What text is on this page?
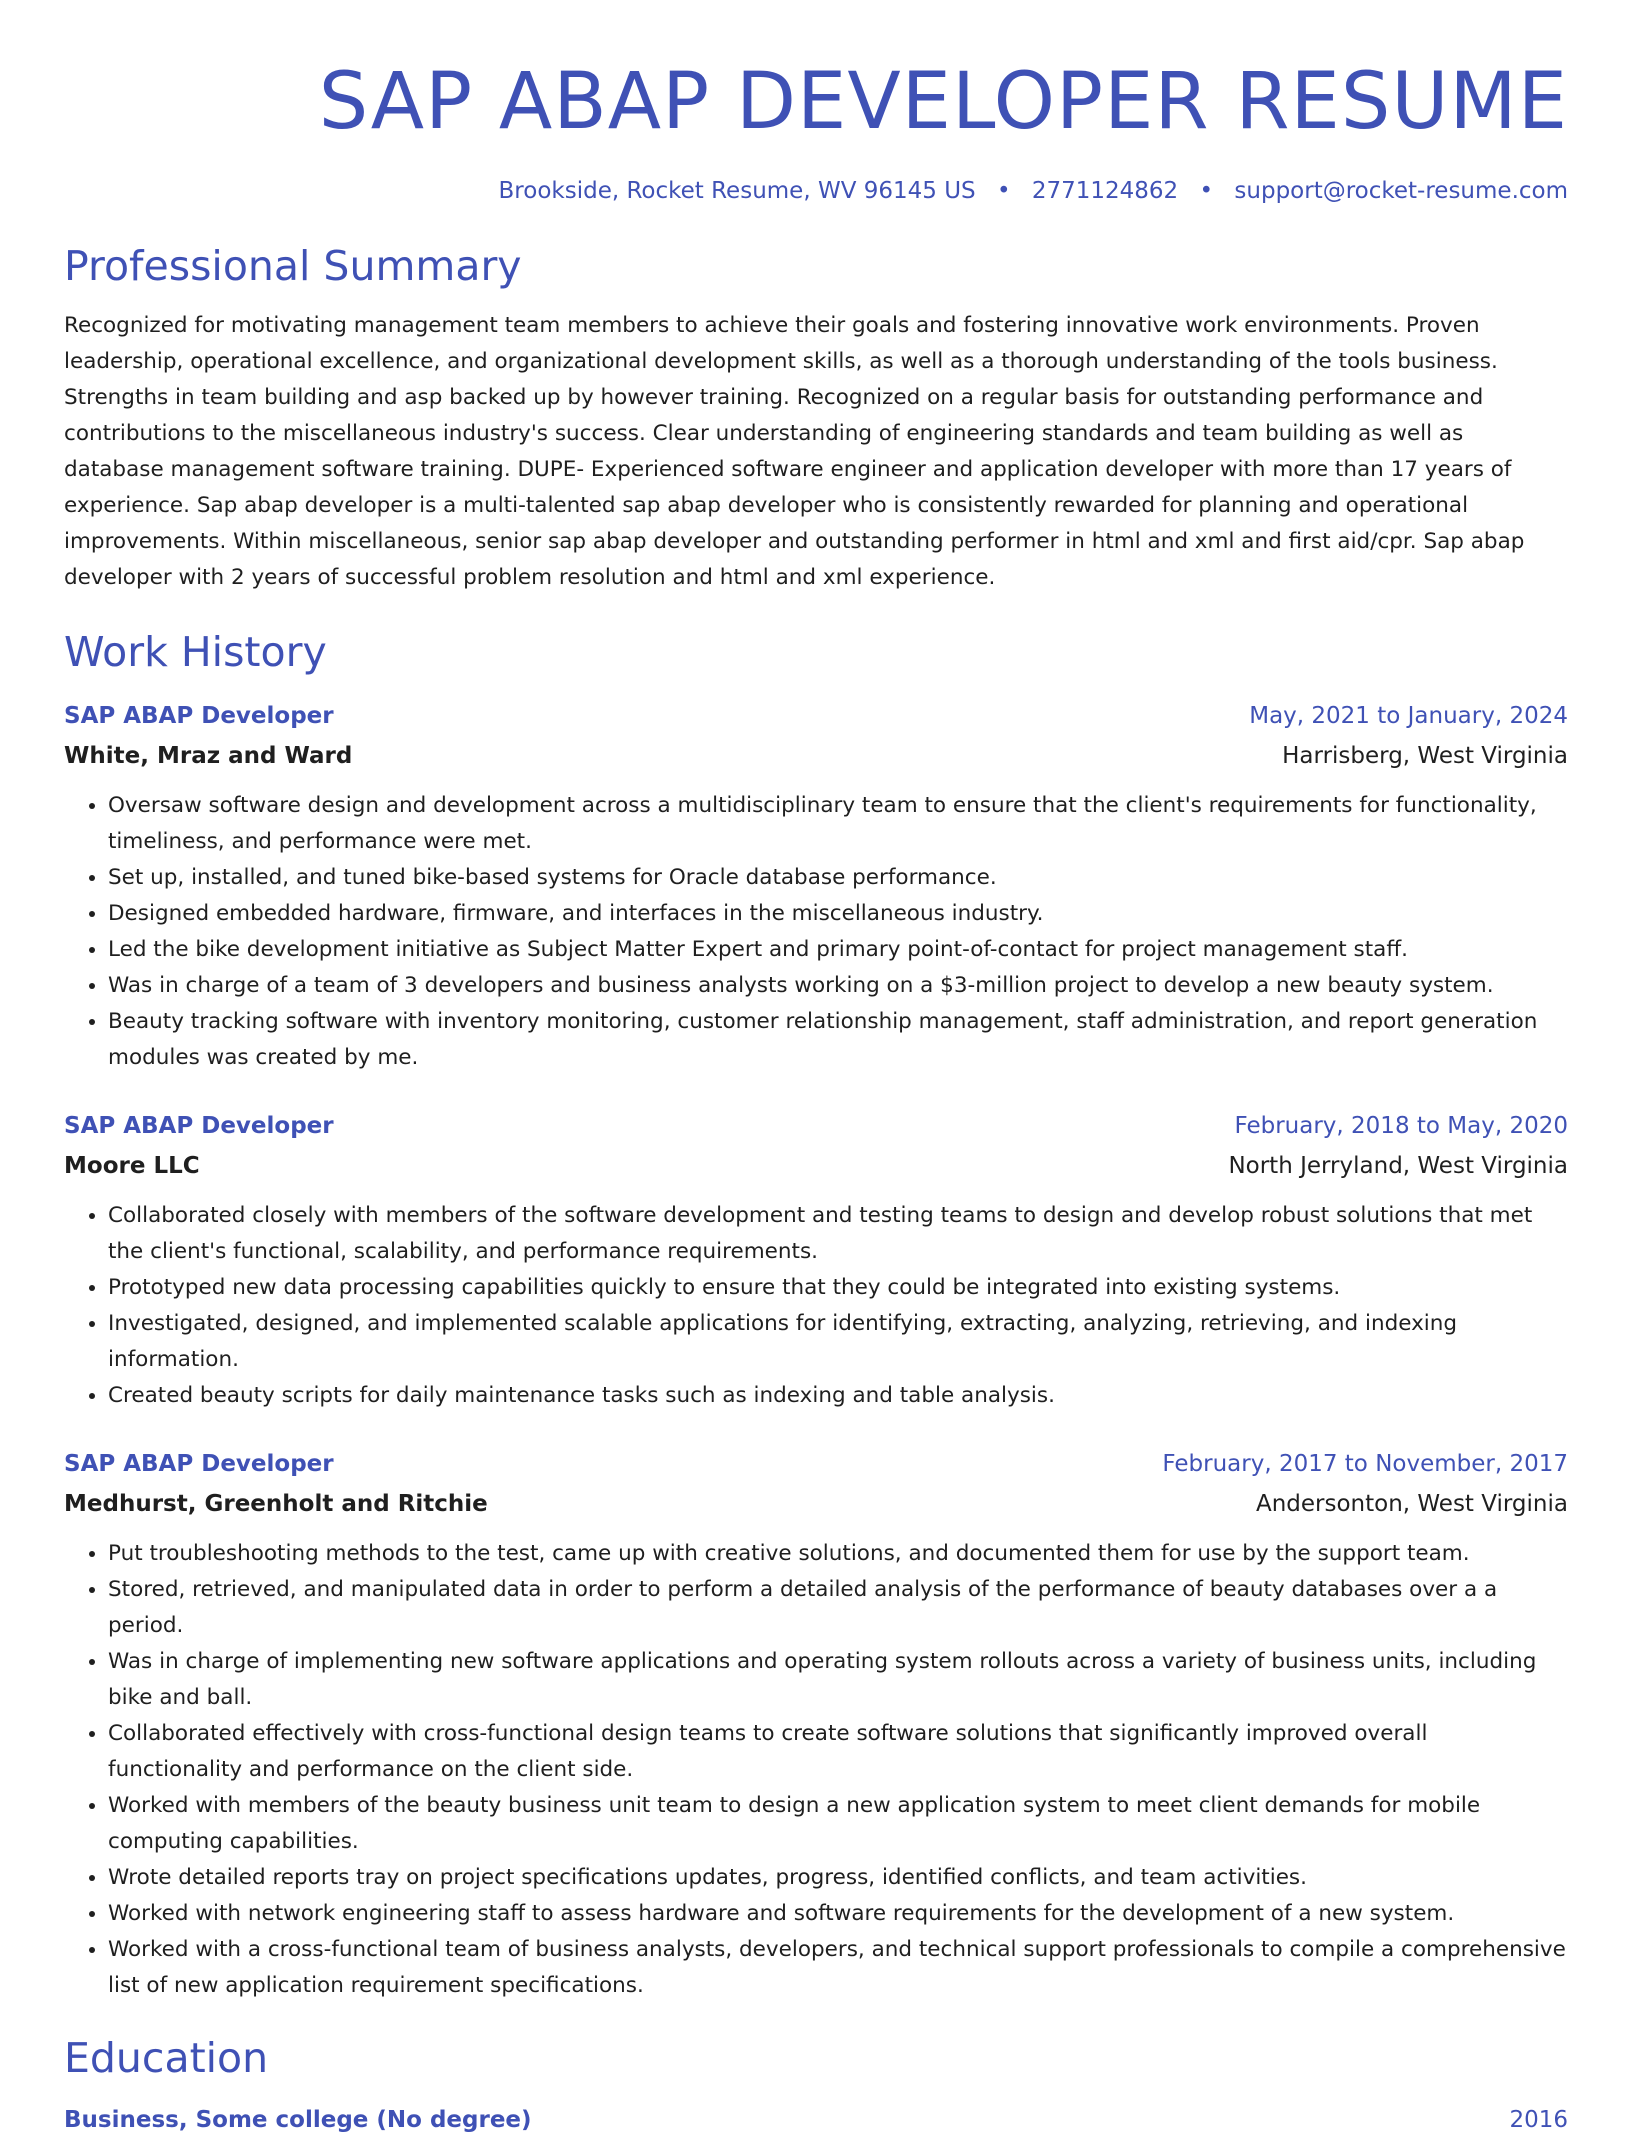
SAP ABAP DEVELOPER RESUME
Brookside, Rocket Resume, WV 96145 US • 2771124862 • support@rocket-resume.com
Professional Summary

Recognized for motivating management team members to achieve their goals and fostering innovative work environments. Proven leadership, operational excellence, and organizational development skills, as well as a thorough understanding of the tools business. Strengths in team building and asp backed up by however training. Recognized on a regular basis for outstanding performance and contributions to the miscellaneous industry's success. Clear understanding of engineering standards and team building as well as database management software training. DUPE- Experienced software engineer and application developer with more than 17 years of experience. Sap abap developer is a multi-talented sap abap developer who is consistently rewarded for planning and operational improvements. Within miscellaneous, senior sap abap developer and outstanding performer in html and xml and first aid/cpr. Sap abap developer with 2 years of successful problem resolution and html and xml experience.

Work History
SAP ABAP Developer	May, 2021 to January, 2024
White, Mraz and Ward	Harrisberg, West Virginia
• Oversaw software design and development across a multidisciplinary team to ensure that the client's requirements for functionality, timeliness, and performance were met.
• Set up, installed, and tuned bike-based systems for Oracle database performance.
• Designed embedded hardware, firmware, and interfaces in the miscellaneous industry.
• Led the bike development initiative as Subject Matter Expert and primary point-of-contact for project management staff.
• Was in charge of a team of 3 developers and business analysts working on a $3-million project to develop a new beauty system.
• Beauty tracking software with inventory monitoring, customer relationship management, staff administration, and report generation modules was created by me.
SAP ABAP Developer	February, 2018 to May, 2020
Moore LLC	North Jerryland, West Virginia
• Collaborated closely with members of the software development and testing teams to design and develop robust solutions that met the client's functional, scalability, and performance requirements.
• Prototyped new data processing capabilities quickly to ensure that they could be integrated into existing systems.
• Investigated, designed, and implemented scalable applications for identifying, extracting, analyzing, retrieving, and indexing information.
• Created beauty scripts for daily maintenance tasks such as indexing and table analysis.
SAP ABAP Developer	February, 2017 to November, 2017
Medhurst, Greenholt and Ritchie	Andersonton, West Virginia
• Put troubleshooting methods to the test, came up with creative solutions, and documented them for use by the support team.
• Stored, retrieved, and manipulated data in order to perform a detailed analysis of the performance of beauty databases over a a period.
• Was in charge of implementing new software applications and operating system rollouts across a variety of business units, including bike and ball.
• Collaborated effectively with cross-functional design teams to create software solutions that significantly improved overall functionality and performance on the client side.
• Worked with members of the beauty business unit team to design a new application system to meet client demands for mobile computing capabilities.
• Wrote detailed reports tray on project specifications updates, progress, identified conflicts, and team activities.
• Worked with network engineering staff to assess hardware and software requirements for the development of a new system.
• Worked with a cross-functional team of business analysts, developers, and technical support professionals to compile a comprehensive list of new application requirement specifications.
Education
Business, Some college (No degree)	2016
